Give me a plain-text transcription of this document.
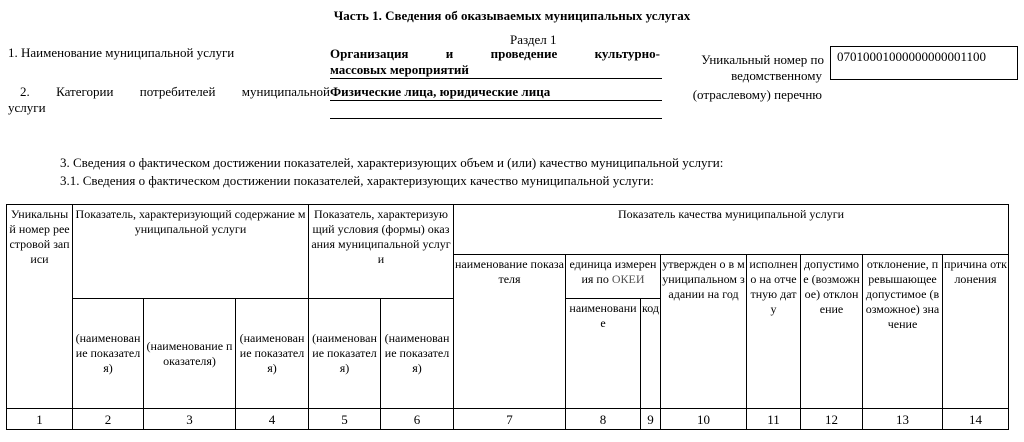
Часть 1. Сведения об оказываемых муниципальных услугах
Раздел 1
1. Наименование муниципальной услуги	Организация и проведение культурно-
массовых мероприятий
2. Категории потребителей муниципальной
услуги
Физические лица, юридические лица
Уникальный номер по
ведомственному
(отраслевому) перечню
07010001000000000001100
3. Сведения о фактическом достижении показателей, характеризующих объем и (или) качество муниципальной услуги:
3.1. Сведения о фактическом достижении показателей, характеризующих качество муниципальной услуги:
Уникальный номер реестровой записи	Показатель, характеризующий содержание муниципальной услуги			Показатель, характеризующий условия (формы) оказания муниципальной услуги		Показатель качества муниципальной услуги							
						наименование показателя	единица измерения по ОКЕИ		утвержден о в муниципальном задании на год	исполнено на отчетную дату	допустимое (возможное) отклонение	отклонение, превышающее допустимое (возможное) значение	причина отклонения
	(наименование показателя)	(наименование показателя)	(наименование показателя)	(наименование показателя)	(наименование показателя)		наименование	код					
1	2	3	4	5	6	7	8	9	10	11	12	13	14
